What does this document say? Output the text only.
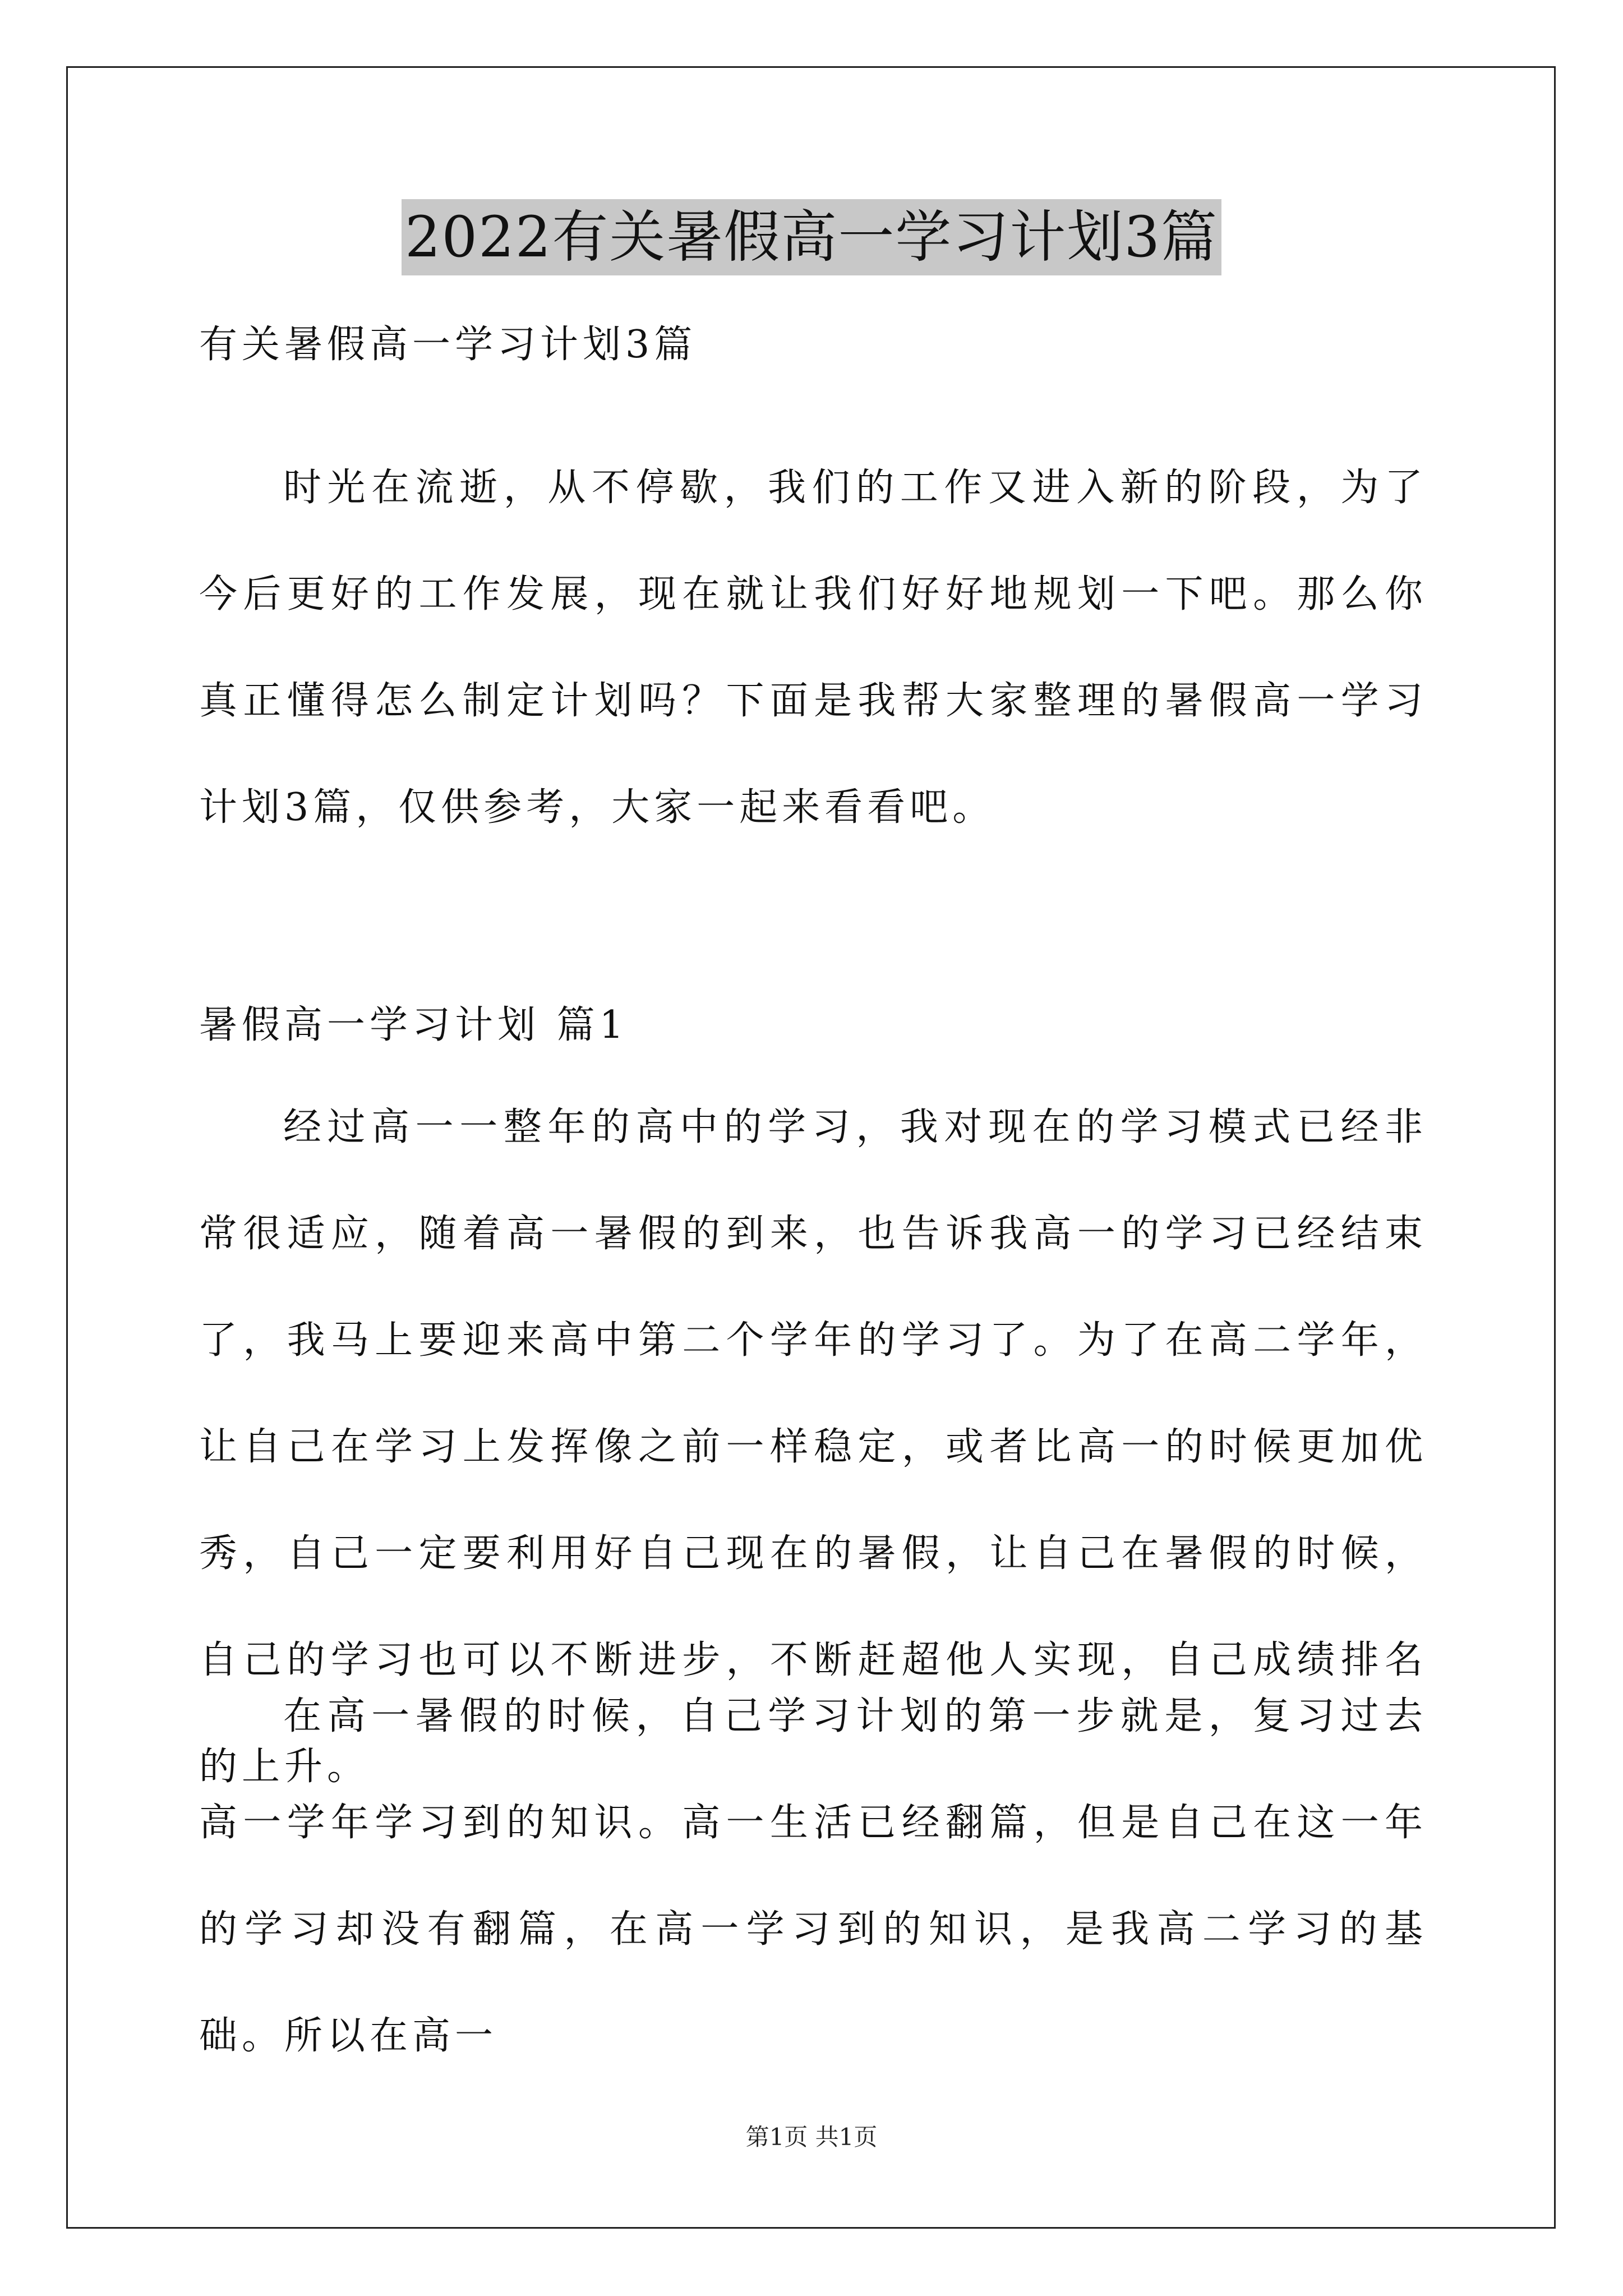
2022有关暑假高一学习计划3篇
有关暑假高一学习计划3篇
时光在流逝，从不停歇，我们的工作又进入新的阶段，为了今后更好的工作发展，现在就让我们好好地规划一下吧。那么你真正懂得怎么制定计划吗？下面是我帮大家整理的暑假高一学习计划3篇，仅供参考，大家一起来看看吧。
暑假高一学习计划 篇1
经过高一一整年的高中的学习，我对现在的学习模式已经非常很适应，随着高一暑假的到来，也告诉我高一的学习已经结束了，我马上要迎来高中第二个学年的学习了。为了在高二学年，让自己在学习上发挥像之前一样稳定，或者比高一的时候更加优秀，自己一定要利用好自己现在的暑假，让自己在暑假的时候，自己的学习也可以不断进步，不断赶超他人实现，自己成绩排名的上升。
在高一暑假的时候，自己学习计划的第一步就是，复习过去高一学年学习到的知识。高一生活已经翻篇，但是自己在这一年的学习却没有翻篇，在高一学习到的知识，是我高二学习的基础。所以在高一
第1页 共1页
